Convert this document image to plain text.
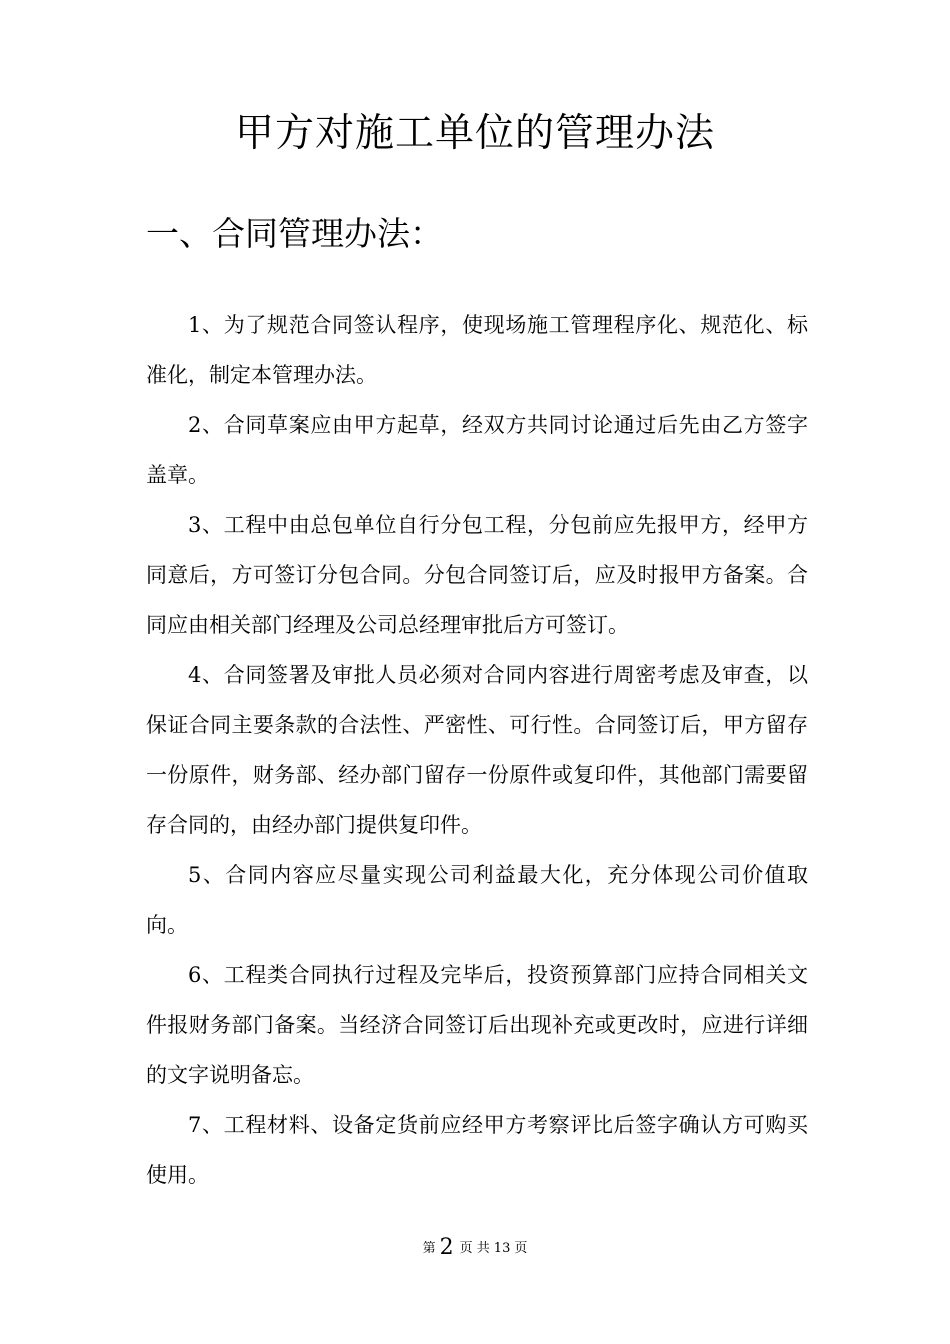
甲方对施工单位的管理办法
一、合同管理办法：

1、为了规范合同签认程序，使现场施工管理程序化、规范化、标准化，制定本管理办法。

2、合同草案应由甲方起草，经双方共同讨论通过后先由乙方签字盖章。

3、工程中由总包单位自行分包工程，分包前应先报甲方，经甲方同意后，方可签订分包合同。分包合同签订后，应及时报甲方备案。合同应由相关部门经理及公司总经理审批后方可签订。

4、合同签署及审批人员必须对合同内容进行周密考虑及审查，以保证合同主要条款的合法性、严密性、可行性。合同签订后，甲方留存一份原件，财务部、经办部门留存一份原件或复印件，其他部门需要留存合同的，由经办部门提供复印件。

5、合同内容应尽量实现公司利益最大化，充分体现公司价值取向。

6、工程类合同执行过程及完毕后，投资预算部门应持合同相关文件报财务部门备案。当经济合同签订后出现补充或更改时，应进行详细的文字说明备忘。

7、工程材料、设备定货前应经甲方考察评比后签字确认方可购买使用。

第 2 页 共 13 页
